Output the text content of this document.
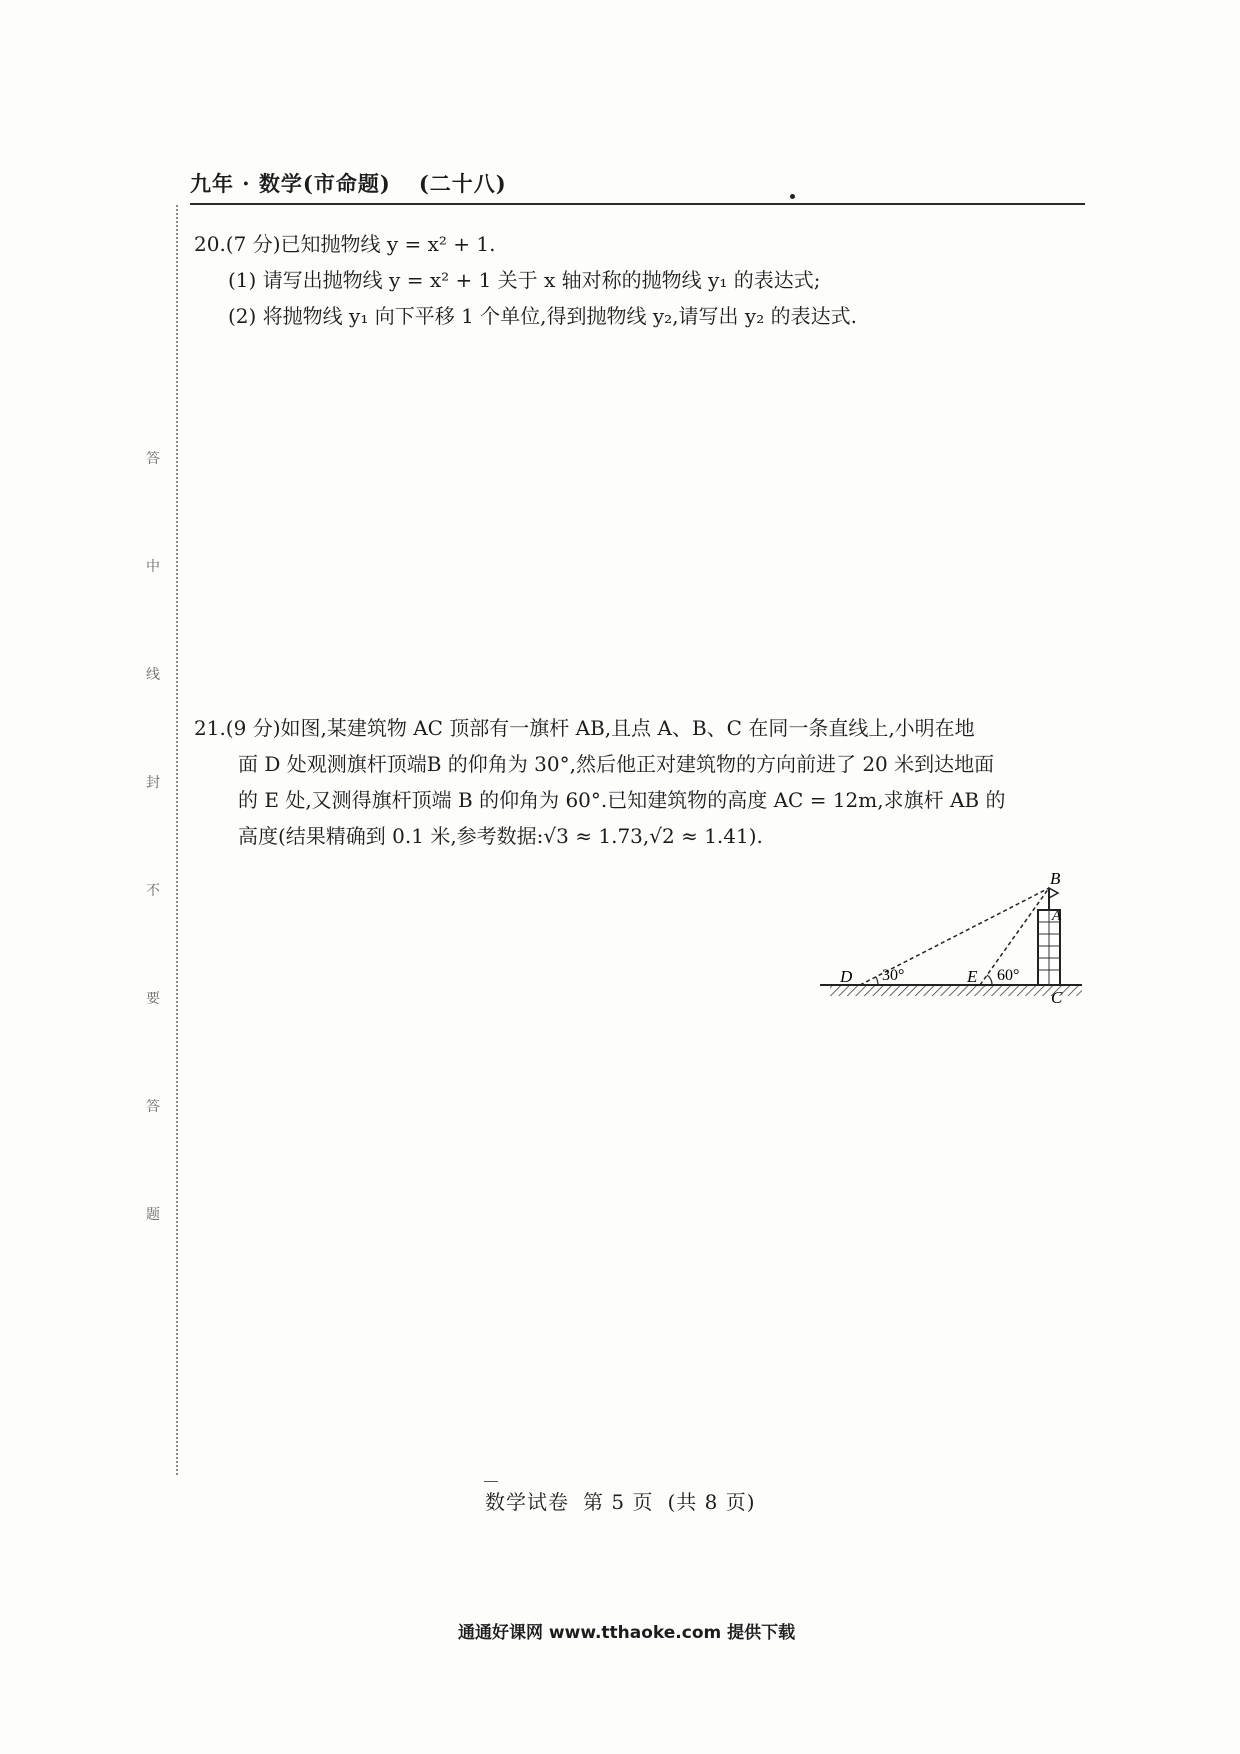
九年 · 数学(市命题) (二十八)
答
中
线
封
不
要
答
题
20.(7 分)已知抛物线 y = x² + 1.
(1) 请写出抛物线 y = x² + 1 关于 x 轴对称的抛物线 y₁ 的表达式;
(2) 将抛物线 y₁ 向下平移 1 个单位,得到抛物线 y₂,请写出 y₂ 的表达式.
21.(9 分)如图,某建筑物 AC 顶部有一旗杆 AB,且点 A、B、C 在同一条直线上,小明在地
面 D 处观测旗杆顶端B 的仰角为 30°,然后他正对建筑物的方向前进了 20 米到达地面
的 E 处,又测得旗杆顶端 B 的仰角为 60°.已知建筑物的高度 AC = 12m,求旗杆 AB 的
高度(结果精确到 0.1 米,参考数据:√3 ≈ 1.73,√2 ≈ 1.41).
B
A
C
D	E
30°	60°
数学试卷 第 5 页 (共 8 页)
通通好课网 www.tthaoke.com 提供下载
